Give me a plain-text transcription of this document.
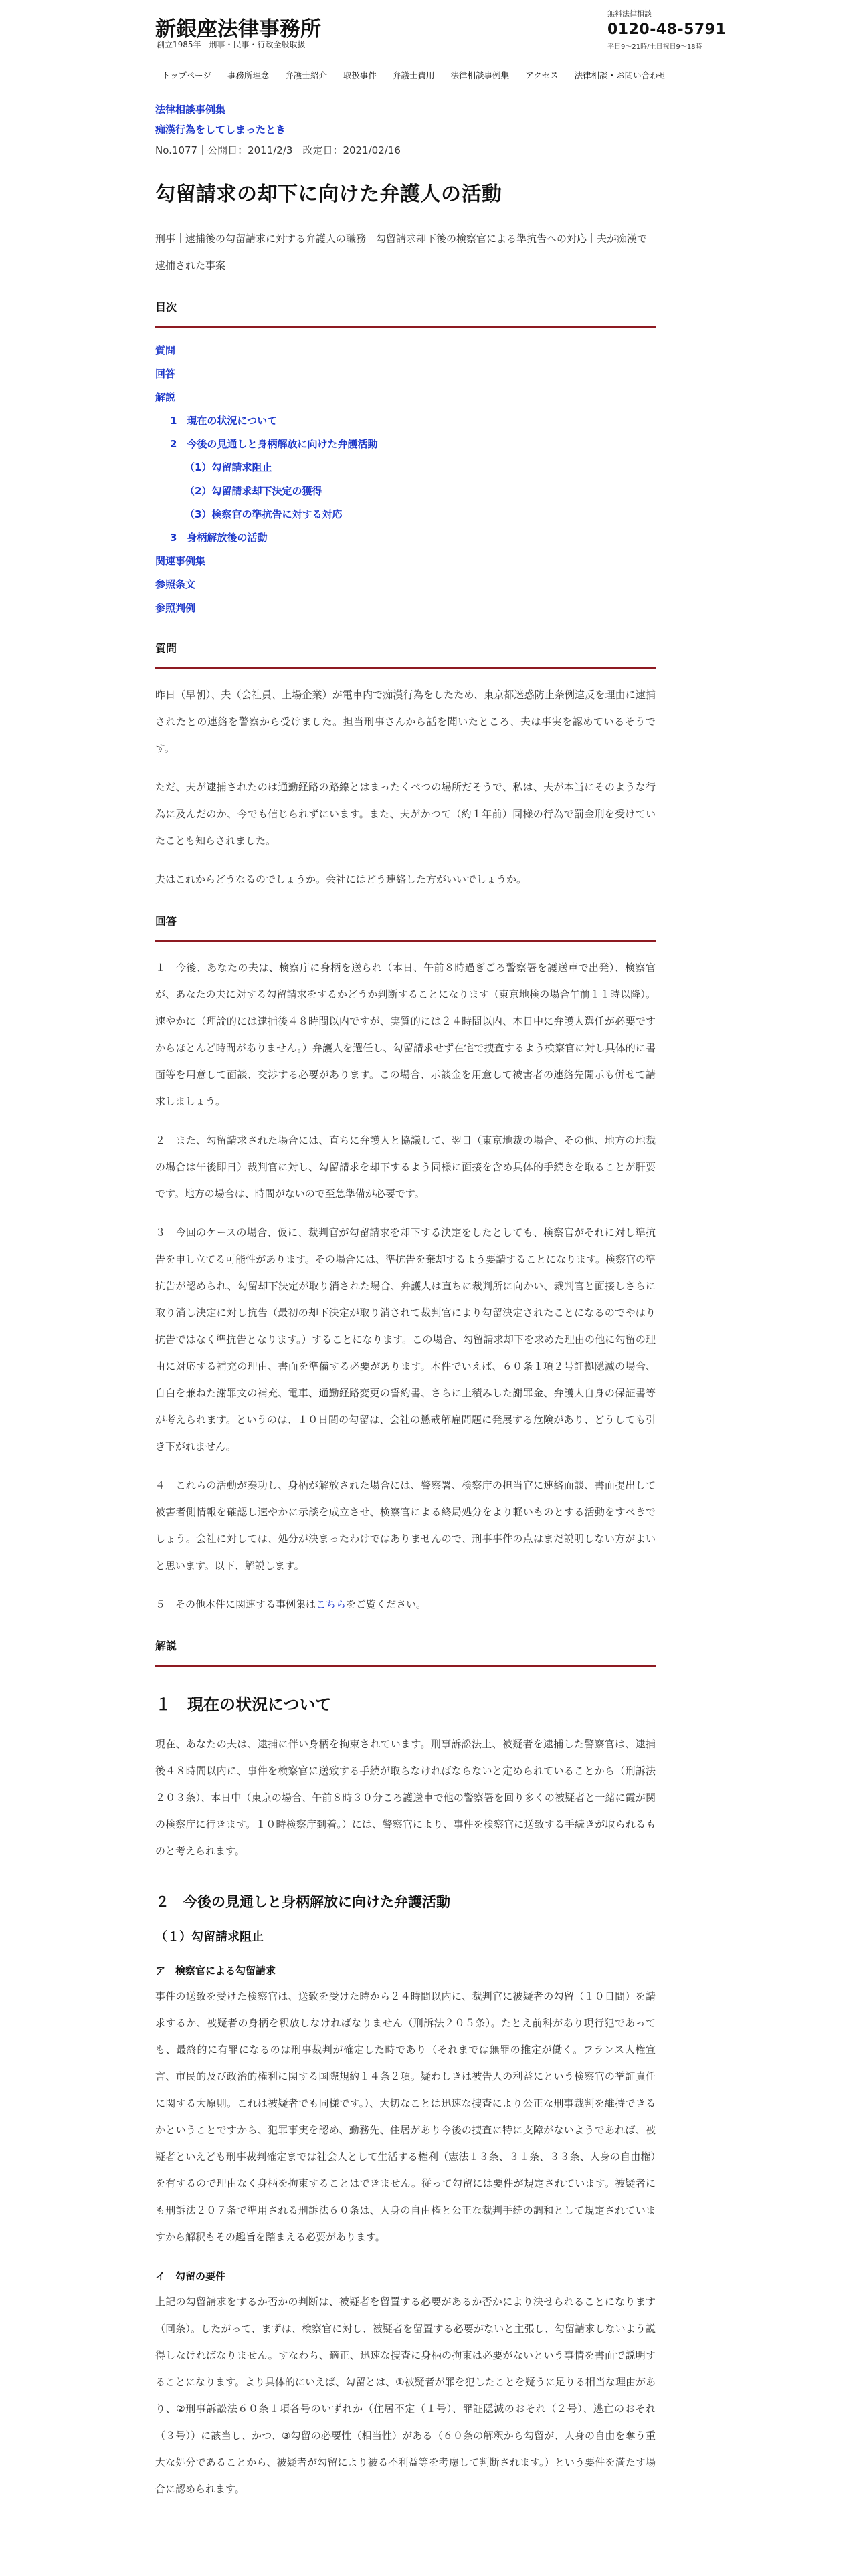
新銀座法律事務所
創立1985年｜刑事・民事・行政全般取扱
無料法律相談
0120-48-5791
平日9～21時/土日祝日9～18時
トップページ	事務所理念	弁護士紹介	取扱事件	弁護士費用	法律相談事例集	アクセス	法律相談・お問い合わせ
法律相談事例集
痴漢行為をしてしまったとき
No.1077｜公開日：2011/2/3　改定日：2021/02/16
勾留請求の却下に向けた弁護人の活動
刑事｜逮捕後の勾留請求に対する弁護人の職務｜勾留請求却下後の検察官による準抗告への対応｜夫が痴漢で逮捕された事案
目次
質問
回答
解説
1　現在の状況について
2　今後の見通しと身柄解放に向けた弁護活動
（1）勾留請求阻止
（2）勾留請求却下決定の獲得
（3）検察官の準抗告に対する対応
3　身柄解放後の活動
関連事例集
参照条文
参照判例
質問

昨日（早朝）、夫（会社員、上場企業）が電車内で痴漢行為をしたため、東京都迷惑防止条例違反を理由に逮捕されたとの連絡を警察から受けました。担当刑事さんから話を聞いたところ、夫は事実を認めているそうです。

ただ、夫が逮捕されたのは通勤経路の路線とはまったくべつの場所だそうで、私は、夫が本当にそのような行為に及んだのか、今でも信じられずにいます。また、夫がかつて（約１年前）同様の行為で罰金刑を受けていたことも知らされました。

夫はこれからどうなるのでしょうか。会社にはどう連絡した方がいいでしょうか。

回答

１　今後、あなたの夫は、検察庁に身柄を送られ（本日、午前８時過ぎごろ警察署を護送車で出発）、検察官が、あなたの夫に対する勾留請求をするかどうか判断することになります（東京地検の場合午前１１時以降）。速やかに（理論的には逮捕後４８時間以内ですが、実質的には２４時間以内、本日中に弁護人選任が必要ですからほとんど時間がありません。）弁護人を選任し、勾留請求せず在宅で捜査するよう検察官に対し具体的に書面等を用意して面談、交渉する必要があります。この場合、示談金を用意して被害者の連絡先開示も併せて請求しましょう。

２　また、勾留請求された場合には、直ちに弁護人と協議して、翌日（東京地裁の場合、その他、地方の地裁の場合は午後即日）裁判官に対し、勾留請求を却下するよう同様に面接を含め具体的手続きを取ることが肝要です。地方の場合は、時間がないので至急準備が必要です。

３　今回のケースの場合、仮に、裁判官が勾留請求を却下する決定をしたとしても、検察官がそれに対し準抗告を申し立てる可能性があります。その場合には、準抗告を棄却するよう要請することになります。検察官の準抗告が認められ、勾留却下決定が取り消された場合、弁護人は直ちに裁判所に向かい、裁判官と面接しさらに取り消し決定に対し抗告（最初の却下決定が取り消されて裁判官により勾留決定されたことになるのでやはり抗告ではなく準抗告となります。）することになります。この場合、勾留請求却下を求めた理由の他に勾留の理由に対応する補充の理由、書面を準備する必要があります。本件でいえば、６０条１項２号証拠隠滅の場合、自白を兼ねた謝罪文の補充、電車、通勤経路変更の誓約書、さらに上積みした謝罪金、弁護人自身の保証書等が考えられます。というのは、１０日間の勾留は、会社の懲戒解雇問題に発展する危険があり、どうしても引き下がれません。

４　これらの活動が奏功し、身柄が解放された場合には、警察署、検察庁の担当官に連絡面談、書面提出して被害者側情報を確認し速やかに示談を成立させ、検察官による終局処分をより軽いものとする活動をすべきでしょう。会社に対しては、処分が決まったわけではありませんので、刑事事件の点はまだ説明しない方がよいと思います。以下、解説します。

５　その他本件に関連する事例集はこちらをご覧ください。

解説
１　現在の状況について

現在、あなたの夫は、逮捕に伴い身柄を拘束されています。刑事訴訟法上、被疑者を逮捕した警察官は、逮捕後４８時間以内に、事件を検察官に送致する手続が取らなければならないと定められていることから（刑訴法２０３条）、本日中（東京の場合、午前８時３０分ころ護送車で他の警察署を回り多くの被疑者と一緒に霞が関の検察庁に行きます。１０時検察庁到着。）には、警察官により、事件を検察官に送致する手続きが取られるものと考えられます。

２　今後の見通しと身柄解放に向けた弁護活動
（１）勾留請求阻止
ア　検察官による勾留請求

事件の送致を受けた検察官は、送致を受けた時から２４時間以内に、裁判官に被疑者の勾留（１０日間）を請求するか、被疑者の身柄を釈放しなければなりません（刑訴法２０５条）。たとえ前科があり現行犯であっても、最終的に有罪になるのは刑事裁判が確定した時であり（それまでは無罪の推定が働く。フランス人権宣言、市民的及び政治的権利に関する国際規約１４条２項。疑わしきは被告人の利益にという検察官の挙証責任に関する大原則。これは被疑者でも同様です。）、大切なことは迅速な捜査により公正な刑事裁判を維持できるかということですから、犯罪事実を認め、勤務先、住居があり今後の捜査に特に支障がないようであれば、被疑者といえども刑事裁判確定までは社会人として生活する権利（憲法１３条、３１条、３３条、人身の自由権）を有するので理由なく身柄を拘束することはできません。従って勾留には要件が規定されています。被疑者にも刑訴法２０７条で準用される刑訴法６０条は、人身の自由権と公正な裁判手続の調和として規定されていますから解釈もその趣旨を踏まえる必要があります。

イ　勾留の要件

上記の勾留請求をするか否かの判断は、被疑者を留置する必要があるか否かにより決せられることになります（同条）。したがって、まずは、検察官に対し、被疑者を留置する必要がないと主張し、勾留請求しないよう説得しなければなりません。すなわち、適正、迅速な捜査に身柄の拘束は必要がないという事情を書面で説明することになります。より具体的にいえば、勾留とは、①被疑者が罪を犯したことを疑うに足りる相当な理由があり、②刑事訴訟法６０条１項各号のいずれか（住居不定（１号）、罪証隠滅のおそれ（２号）、逃亡のおそれ（３号））に該当し、かつ、③勾留の必要性（相当性）がある（６０条の解釈から勾留が、人身の自由を奪う重大な処分であることから、被疑者が勾留により被る不利益等を考慮して判断されます。）という要件を満たす場合に認められます。
